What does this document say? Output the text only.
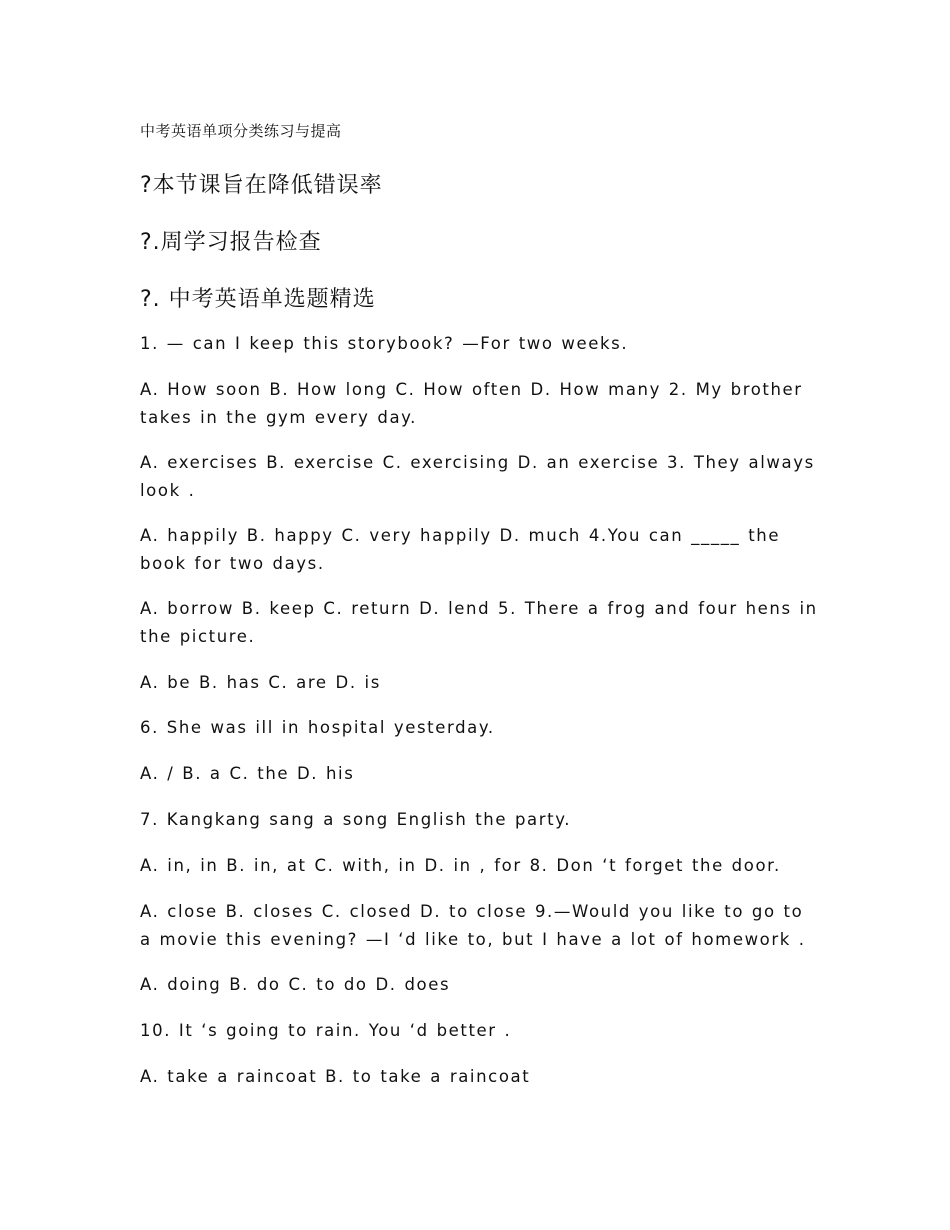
中考英语单项分类练习与提高

?本节课旨在降低错误率
?.周学习报告检查
?. 中考英语单选题精选

1. — can I keep this storybook? —For two weeks.

A. How soon B. How long C. How often D. How many 2. My brother takes in the gym every day.

A. exercises B. exercise C. exercising D. an exercise 3. They always look .

A. happily B. happy C. very happily D. much 4.You can _____ the book for two days.

A. borrow B. keep C. return D. lend 5. There a frog and four hens in the picture.

A. be B. has C. are D. is

6. She was ill in hospital yesterday.

A. / B. a C. the D. his

7. Kangkang sang a song English the party.

A. in, in B. in, at C. with, in D. in , for 8. Don ‘t forget the door.

A. close B. closes C. closed D. to close 9.—Would you like to go to a movie this evening? —I ‘d like to, but I have a lot of homework .

A. doing B. do C. to do D. does

10. It ‘s going to rain. You ‘d better .

A. take a raincoat B. to take a raincoat
